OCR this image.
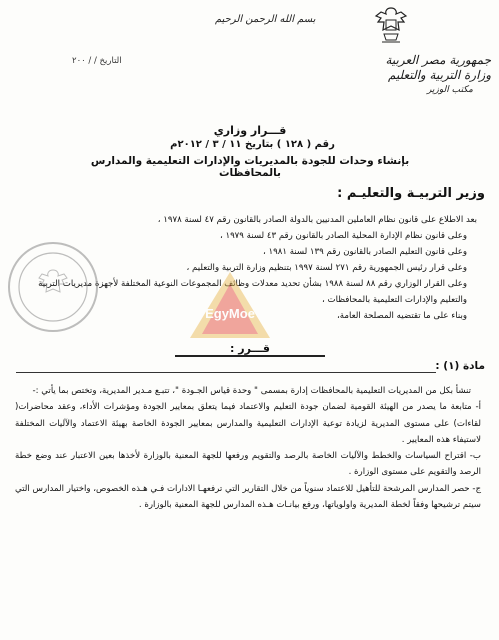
بسم الله الرحمن الرحيم
التاريخ / / ٢٠٠	جمهورية مصر العربية
وزارة التربية والتعليم
مكتب الوزير
قـــرار وزاري
رقم ( ١٢٨ ) بتاريخ ١١ / ٣ / ٢٠١٢م
بإنشاء وحدات للجودة بالمديريات والإدارات التعليمية والمدارس بالمحافظات
وزير التربيـة والتعليـم :
بعد الاطلاع على قانون نظام العاملين المدنيين بالدولة الصادر بالقانون رقم ٤٧ لسنة ١٩٧٨ ،
وعلى قانون نظام الإدارة المحلية الصادر بالقانون رقم ٤٣ لسنة ١٩٧٩ ،
وعلى قانون التعليم الصادر بالقانون رقم ١٣٩ لسنة ١٩٨١ ،
وعلى قرار رئيس الجمهورية رقم ٢٧١ لسنة ١٩٩٧ بتنظيم وزارة التربية والتعليم ،
وعلى القرار الوزاري رقم ٨٨ لسنة ١٩٨٨ بشأن تحديد معدلات وظائف المجموعات النوعية المختلفة لأجهزة مديريات التربية والتعليم والإدارات التعليمية بالمحافظات ،
وبناء على ما تقتضيه المصلحة العامة،
EgyMoe
قـــرر :
مادة (١) :
تنشأ بكل من المديريات التعليمية بالمحافظات إدارة بمسمى " وحدة قياس الجـودة "، تتبـع مـدير المديرية، وتختص بما يأتي :-
أ- متابعة ما يصدر من الهيئة القومية لضمان جودة التعليم والاعتماد فيما يتعلق بمعايير الجودة ومؤشرات الأداء، وعقد محاضرات( لقاءات) على مستوى المديرية لزيادة توعية الإدارات التعليمية والمدارس بمعايير الجودة الخاصة بهيئة الاعتماد والآليات المختلفة لاستيفاء هذه المعايير .
ب- اقتراح السياسات والخطط والآليات الخاصة بالرصد والتقويم ورفعها للجهة المعنية بالوزارة لأخذها بعين الاعتبار عند وضع خطة الرصد والتقويم على مستوى الوزارة .
ج- حصر المدارس المرشحة للتأهيل للاعتماد سنوياً من خلال التقارير التي ترفعهـا الادارات فـي هـذه الخصوص، واختيار المدارس التي سيتم ترشيحها وفقاً لخطة المديرية واولوياتها، ورفع بيانـات هـذه المدارس للجهة المعنية بالوزارة .
